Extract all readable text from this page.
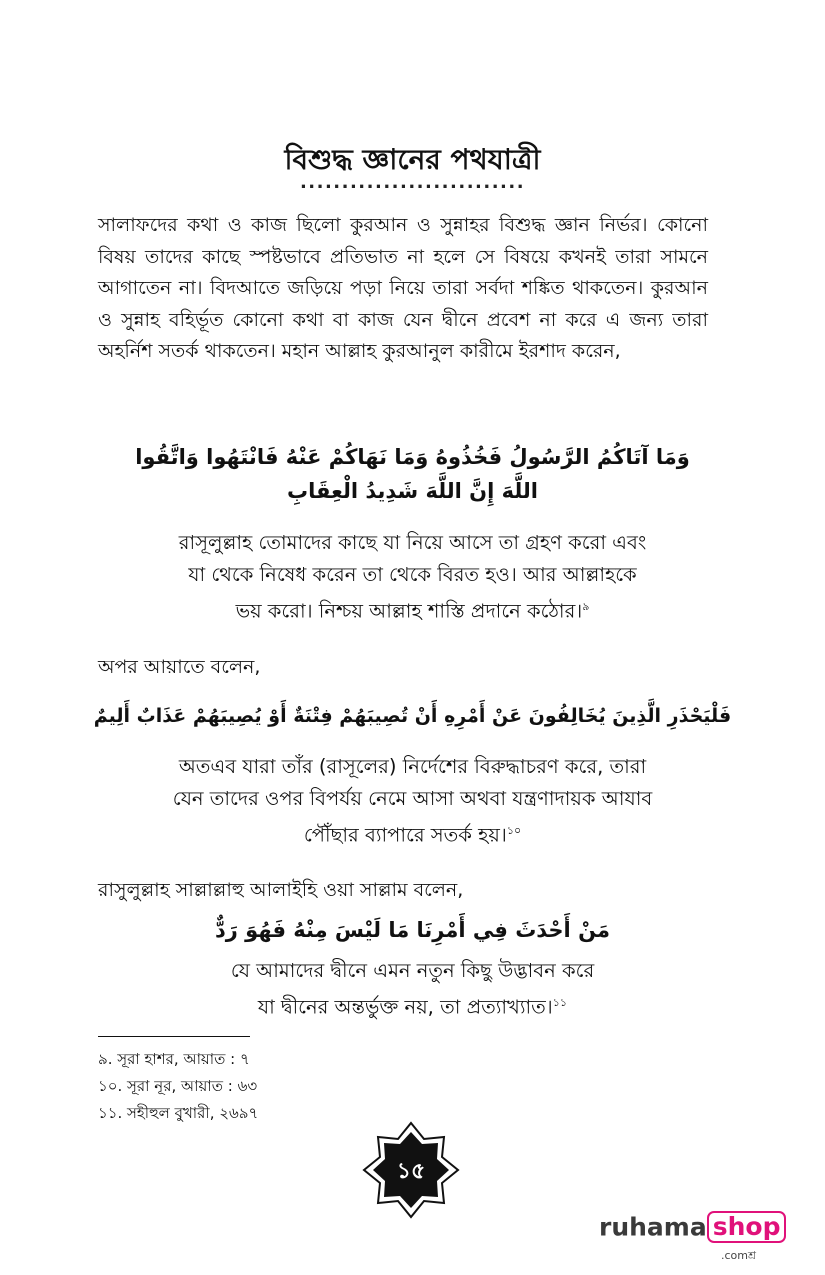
বিশুদ্ধ জ্ঞানের পথযাত্রী
...........................

সালাফদের কথা ও কাজ ছিলো কুরআন ও সুন্নাহর বিশুদ্ধ জ্ঞান নির্ভর। কোনো বিষয় তাদের কাছে স্পষ্টভাবে প্রতিভাত না হলে সে বিষয়ে কখনই তারা সামনে আগাতেন না। বিদআতে জড়িয়ে পড়া নিয়ে তারা সর্বদা শঙ্কিত থাকতেন। কুরআন ও সুন্নাহ বহির্ভূত কোনো কথা বা কাজ যেন দ্বীনে প্রবেশ না করে এ জন্য তারা অহর্নিশ সতর্ক থাকতেন। মহান আল্লাহ কুরআনুল কারীমে ইরশাদ করেন,

وَمَا آتَاكُمُ الرَّسُولُ فَخُذُوهُ وَمَا نَهَاكُمْ عَنْهُ فَانْتَهُوا وَاتَّقُوا
اللَّهَ إِنَّ اللَّهَ شَدِيدُ الْعِقَابِ
রাসূলুল্লাহ তোমাদের কাছে যা নিয়ে আসে তা গ্রহণ করো এবং
যা থেকে নিষেধ করেন তা থেকে বিরত হও। আর আল্লাহকে
ভয় করো। নিশ্চয় আল্লাহ শাস্তি প্রদানে কঠোর।$^৯$

অপর আয়াতে বলেন,

فَلْيَحْذَرِ الَّذِينَ يُخَالِفُونَ عَنْ أَمْرِهِ أَنْ تُصِيبَهُمْ فِتْنَةٌ أَوْ يُصِيبَهُمْ عَذَابٌ أَلِيمٌ
অতএব যারা তাঁর (রাসূলের) নির্দেশের বিরুদ্ধাচরণ করে, তারা
যেন তাদের ওপর বিপর্যয় নেমে আসা অথবা যন্ত্রণাদায়ক আযাব
পৌঁছার ব্যাপারে সতর্ক হয়।$^{১০}$

রাসুলুল্লাহ সাল্লাল্লাহু আলাইহি ওয়া সাল্লাম বলেন,

مَنْ أَحْدَثَ فِي أَمْرِنَا مَا لَيْسَ مِنْهُ فَهُوَ رَدٌّ
যে আমাদের দ্বীনে এমন নতুন কিছু উদ্ভাবন করে
যা দ্বীনের অন্তর্ভুক্ত নয়, তা প্রত্যাখ্যাত।$^{১১}$

৯. সূরা হাশর, আয়াত : ৭

১০. সূরা নূর, আয়াত : ৬৩

১১. সহীহুল বুখারী, ২৬৯৭

১৫
ruhama shop
.comশ্র
